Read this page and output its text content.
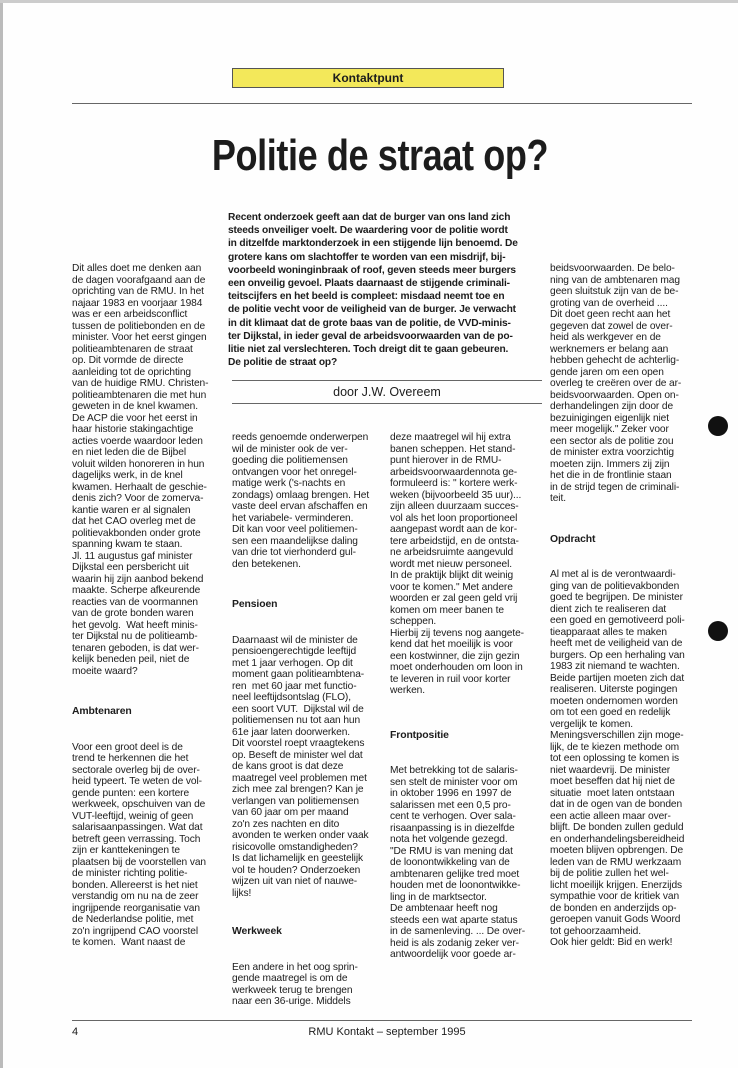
Kontaktpunt
Politie de straat op?
Recent onderzoek geeft aan dat de burger van ons land zich
steeds onveiliger voelt. De waardering voor de politie wordt
in ditzelfde marktonderzoek in een stijgende lijn benoemd. De
grotere kans om slachtoffer te worden van een misdrijf, bij-
voorbeeld woninginbraak of roof, geven steeds meer burgers
een onveilig gevoel. Plaats daarnaast de stijgende criminali-
teitscijfers en het beeld is compleet: misdaad neemt toe en
de politie vecht voor de veiligheid van de burger. Je verwacht
in dit klimaat dat de grote baas van de politie, de VVD-minis-
ter Dijkstal, in ieder geval de arbeidsvoorwaarden van de po-
litie niet zal verslechteren. Toch dreigt dit te gaan gebeuren.
De politie de straat op?
door J.W. Overeem

Dit alles doet me denken aan
de dagen voorafgaand aan de
oprichting van de RMU. In het
najaar 1983 en voorjaar 1984
was er een arbeidsconflict
tussen de politiebonden en de
minister. Voor het eerst gingen
politieambtenaren de straat
op. Dit vormde de directe
aanleiding tot de oprichting
van de huidige RMU. Christen-
politieambtenaren die met hun
geweten in de knel kwamen.
De ACP die voor het eerst in
haar historie stakingachtige
acties voerde waardoor leden
en niet leden die de Bijbel
voluit wilden honoreren in hun
dagelijks werk, in de knel
kwamen. Herhaalt de geschie-
denis zich? Voor de zomerva-
kantie waren er al signalen
dat het CAO overleg met de
politievakbonden onder grote
spanning kwam te staan.
Jl. 11 augustus gaf minister
Dijkstal een persbericht uit
waarin hij zijn aanbod bekend
maakte. Scherpe afkeurende
reacties van de voormannen
van de grote bonden waren
het gevolg.  Wat heeft minis-
ter Dijkstal nu de politieamb-
tenaren geboden, is dat wer-
kelijk beneden peil, niet de
moeite waard?

Ambtenaren

Voor een groot deel is de
trend te herkennen die het
sectorale overleg bij de over-
heid typeert. Te weten de vol-
gende punten: een kortere
werkweek, opschuiven van de
VUT-leeftijd, weinig of geen
salarisaanpassingen. Wat dat
betreft geen verrassing. Toch
zijn er kanttekeningen te
plaatsen bij de voorstellen van
de minister richting politie-
bonden. Allereerst is het niet
verstandig om nu na de zeer
ingrijpende reorganisatie van
de Nederlandse politie, met
zo'n ingrijpend CAO voorstel
te komen.  Want naast de

reeds genoemde onderwerpen
wil de minister ook de ver-
goeding die politiemensen
ontvangen voor het onregel-
matige werk ('s-nachts en
zondags) omlaag brengen. Het
vaste deel ervan afschaffen en
het variabele- verminderen.
Dit kan voor veel politiemen-
sen een maandelijkse daling
van drie tot vierhonderd gul-
den betekenen.

Pensioen

Daarnaast wil de minister de
pensioengerechtigde leeftijd
met 1 jaar verhogen. Op dit
moment gaan politieambtena-
ren  met 60 jaar met functio-
neel leeftijdsontslag (FLO),
een soort VUT.  Dijkstal wil de
politiemensen nu tot aan hun
61e jaar laten doorwerken.
Dit voorstel roept vraagtekens
op. Beseft de minister wel dat
de kans groot is dat deze
maatregel veel problemen met
zich mee zal brengen? Kan je
verlangen van politiemensen
van 60 jaar om per maand
zo'n zes nachten en dito
avonden te werken onder vaak
risicovolle omstandigheden?
Is dat lichamelijk en geestelijk
vol te houden? Onderzoeken
wijzen uit van niet of nauwe-
lijks!

Werkweek

Een andere in het oog sprin-
gende maatregel is om de
werkweek terug te brengen
naar een 36-urige. Middels

deze maatregel wil hij extra
banen scheppen. Het stand-
punt hierover in de RMU-
arbeidsvoorwaardennota ge-
formuleerd is: " kortere werk-
weken (bijvoorbeeld 35 uur)...
zijn alleen duurzaam succes-
vol als het loon proportioneel
aangepast wordt aan de kor-
tere arbeidstijd, en de ontsta-
ne arbeidsruimte aangevuld
wordt met nieuw personeel.
In de praktijk blijkt dit weinig
voor te komen." Met andere
woorden er zal geen geld vrij
komen om meer banen te
scheppen.
Hierbij zij tevens nog aangete-
kend dat het moeilijk is voor
een kostwinner, die zijn gezin
moet onderhouden om loon in
te leveren in ruil voor korter
werken.

Frontpositie

Met betrekking tot de salaris-
sen stelt de minister voor om
in oktober 1996 en 1997 de
salarissen met een 0,5 pro-
cent te verhogen. Over sala-
risaanpassing is in diezelfde
nota het volgende gezegd.
"De RMU is van mening dat
de loonontwikkeling van de
ambtenaren gelijke tred moet
houden met de loonontwikke-
ling in de marktsector.
De ambtenaar heeft nog
steeds een wat aparte status
in de samenleving. ... De over-
heid is als zodanig zeker ver-
antwoordelijk voor goede ar-

beidsvoorwaarden. De belo-
ning van de ambtenaren mag
geen sluitstuk zijn van de be-
groting van de overheid ....
Dit doet geen recht aan het
gegeven dat zowel de over-
heid als werkgever en de
werknemers er belang aan
hebben gehecht de achterlig-
gende jaren om een open
overleg te creëren over de ar-
beidsvoorwaarden. Open on-
derhandelingen zijn door de
bezuinigingen eigenlijk niet
meer mogelijk." Zeker voor
een sector als de politie zou
de minister extra voorzichtig
moeten zijn. Immers zij zijn
het die in de frontlinie staan
in de strijd tegen de criminali-
teit.

Opdracht

Al met al is de verontwaardi-
ging van de politievakbonden
goed te begrijpen. De minister
dient zich te realiseren dat
een goed en gemotiveerd poli-
tieapparaat alles te maken
heeft met de veiligheid van de
burgers. Op een herhaling van
1983 zit niemand te wachten.
Beide partijen moeten zich dat
realiseren. Uiterste pogingen
moeten ondernomen worden
om tot een goed en redelijk
vergelijk te komen.
Meningsverschillen zijn moge-
lijk, de te kiezen methode om
tot een oplossing te komen is
niet waardevrij. De minister
moet beseffen dat hij niet de
situatie  moet laten ontstaan
dat in de ogen van de bonden
een actie alleen maar over-
blijft. De bonden zullen geduld
en onderhandelingsbereidheid
moeten blijven opbrengen. De
leden van de RMU werkzaam
bij de politie zullen het wel-
licht moeilijk krijgen. Enerzijds
sympathie voor de kritiek van
de bonden en anderzijds op-
geroepen vanuit Gods Woord
tot gehoorzaamheid.
Ook hier geldt: Bid en werk!

4	RMU Kontakt – september 1995
